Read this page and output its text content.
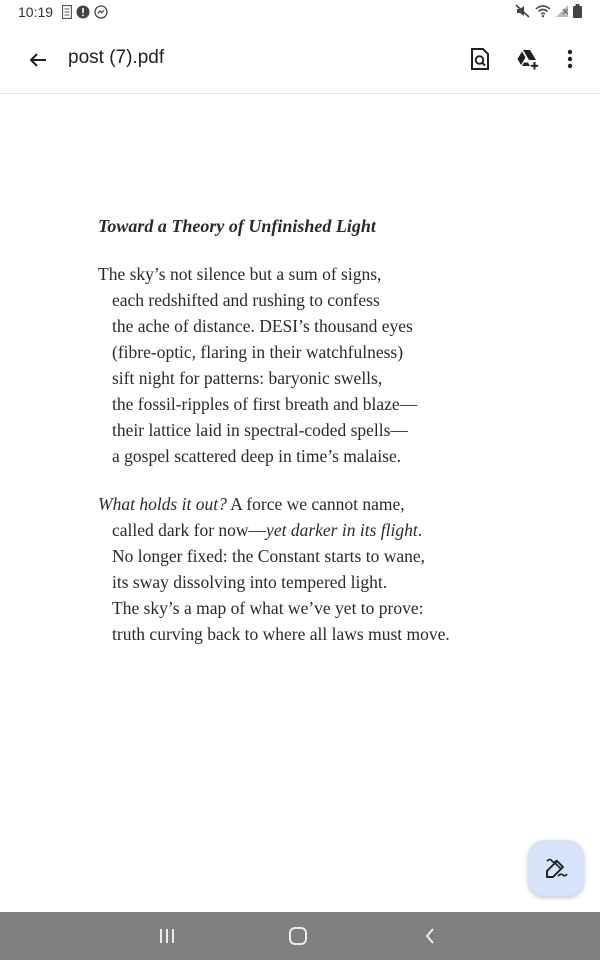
10:19
post (7).pdf
Toward a Theory of Unfinished Light
The sky’s not silence but a sum of signs,
each redshifted and rushing to confess
the ache of distance. DESI’s thousand eyes
(fibre-optic, flaring in their watchfulness)
sift night for patterns: baryonic swells,
the fossil-ripples of first breath and blaze—
their lattice laid in spectral-coded spells—
a gospel scattered deep in time’s malaise.
What holds it out? A force we cannot name,
called dark for now—yet darker in its flight.
No longer fixed: the Constant starts to wane,
its sway dissolving into tempered light.
The sky’s a map of what we’ve yet to prove:
truth curving back to where all laws must move.
